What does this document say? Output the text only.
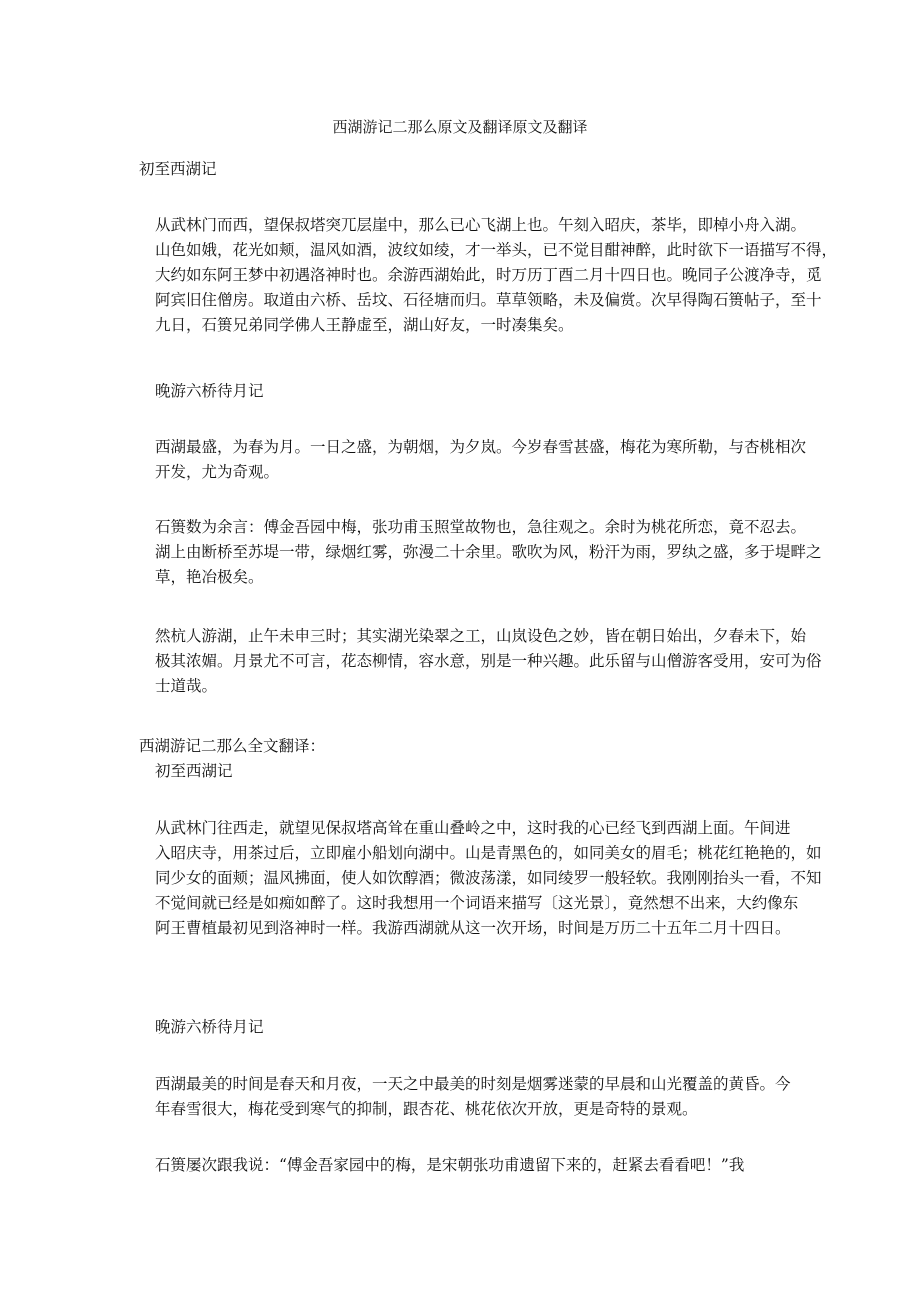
西湖游记二那么原文及翻译原文及翻译
初至西湖记

从武林门而西，望保叔塔突兀层崖中，那么已心飞湖上也。午刻入昭庆，茶毕，即棹小舟入湖。
山色如娥，花光如颊，温风如酒，波纹如绫，才一举头，已不觉目酣神醉，此时欲下一语描写不得，
大约如东阿王梦中初遇洛神时也。余游西湖始此，时万历丁酉二月十四日也。晚同子公渡净寺，觅
阿宾旧住僧房。取道由六桥、岳坟、石径塘而归。草草领略，未及偏赏。次早得陶石篑帖子，至十
九日，石篑兄弟同学佛人王静虚至，湖山好友，一时凑集矣。

晚游六桥待月记

西湖最盛，为春为月。一日之盛，为朝烟，为夕岚。今岁春雪甚盛，梅花为寒所勒，与杏桃相次
开发，尤为奇观。

石篑数为余言：傅金吾园中梅，张功甫玉照堂故物也，急往观之。余时为桃花所恋，竟不忍去。
湖上由断桥至苏堤一带，绿烟红雾，弥漫二十余里。歌吹为风，粉汗为雨，罗纨之盛，多于堤畔之
草，艳冶极矣。

然杭人游湖，止午未申三时；其实湖光染翠之工，山岚设色之妙，皆在朝日始出，夕春未下，始
极其浓媚。月景尤不可言，花态柳情，容水意，别是一种兴趣。此乐留与山僧游客受用，安可为俗
士道哉。

西湖游记二那么全文翻译：
初至西湖记

从武林门往西走，就望见保叔塔高耸在重山叠岭之中，这时我的心已经飞到西湖上面。午间进
入昭庆寺，用茶过后，立即雇小船划向湖中。山是青黑色的，如同美女的眉毛；桃花红艳艳的，如
同少女的面颊；温风拂面，使人如饮醇酒；微波荡漾，如同绫罗一般轻软。我刚刚抬头一看，不知
不觉间就已经是如痴如醉了。这时我想用一个词语来描写〔这光景〕，竟然想不出来，大约像东
阿王曹植最初见到洛神时一样。我游西湖就从这一次开场，时间是万历二十五年二月十四日。

晚游六桥待月记

西湖最美的时间是春天和月夜，一天之中最美的时刻是烟雾迷蒙的早晨和山光覆盖的黄昏。今
年春雪很大，梅花受到寒气的抑制，跟杏花、桃花依次开放，更是奇特的景观。

石篑屡次跟我说：“傅金吾家园中的梅，是宋朝张功甫遗留下来的，赶紧去看看吧！”我
